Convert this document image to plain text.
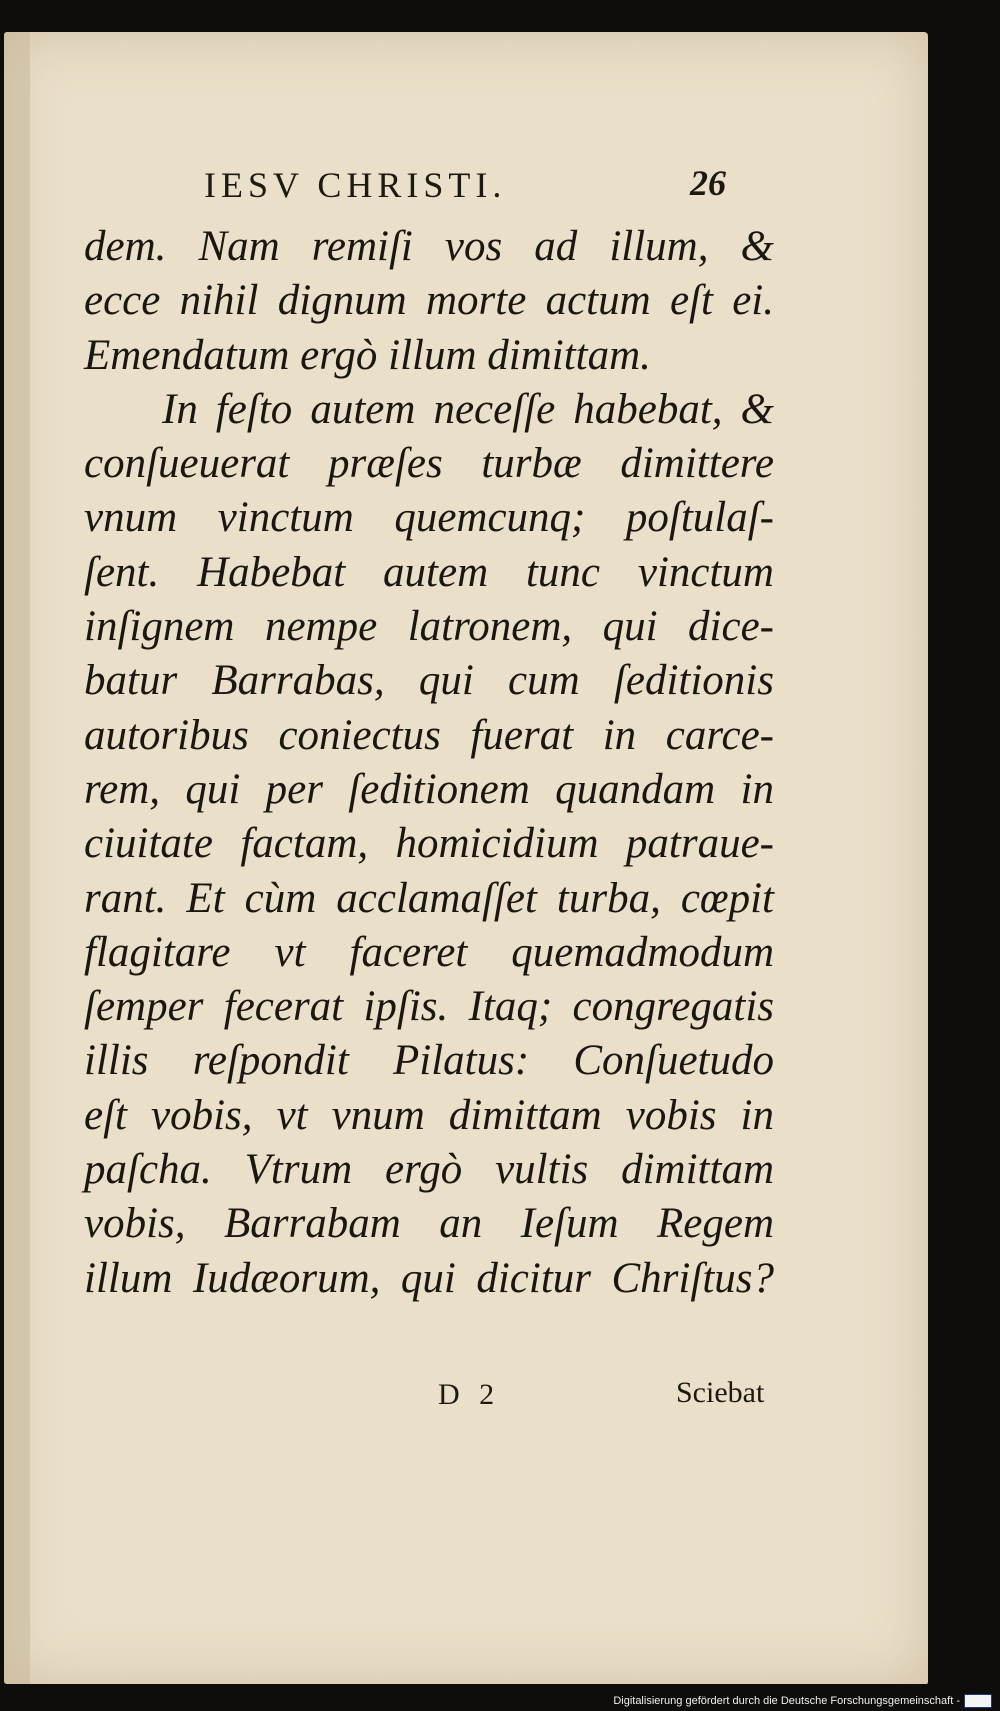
IESV CHRISTI.	26
dem. Nam remiſi vos ad illum, &
ecce nihil dignum morte actum eſt ei.
Emendatum ergò illum dimittam.
In feſto autem neceſſe habebat, &
conſueuerat præſes turbæ dimittere
vnum vinctum quemcunq; poſtulaſ-
ſent. Habebat autem tunc vinctum
inſignem nempe latronem, qui dice-
batur Barrabas, qui cum ſeditionis
autoribus coniectus fuerat in carce-
rem, qui per ſeditionem quandam in
ciuitate factam, homicidium patraue-
rant. Et cùm acclamaſſet turba, cœpit
flagitare vt faceret quemadmodum
ſemper fecerat ipſis. Itaq; congregatis
illis reſpondit Pilatus: Conſuetudo
eſt vobis, vt vnum dimittam vobis in
paſcha. Vtrum ergò vultis dimittam
vobis, Barrabam an Ieſum Regem
illum Iudæorum, qui dicitur Chriſtus?
D 2	Sciebat
Digitalisierung gefördert durch die Deutsche Forschungsgemeinschaft -
